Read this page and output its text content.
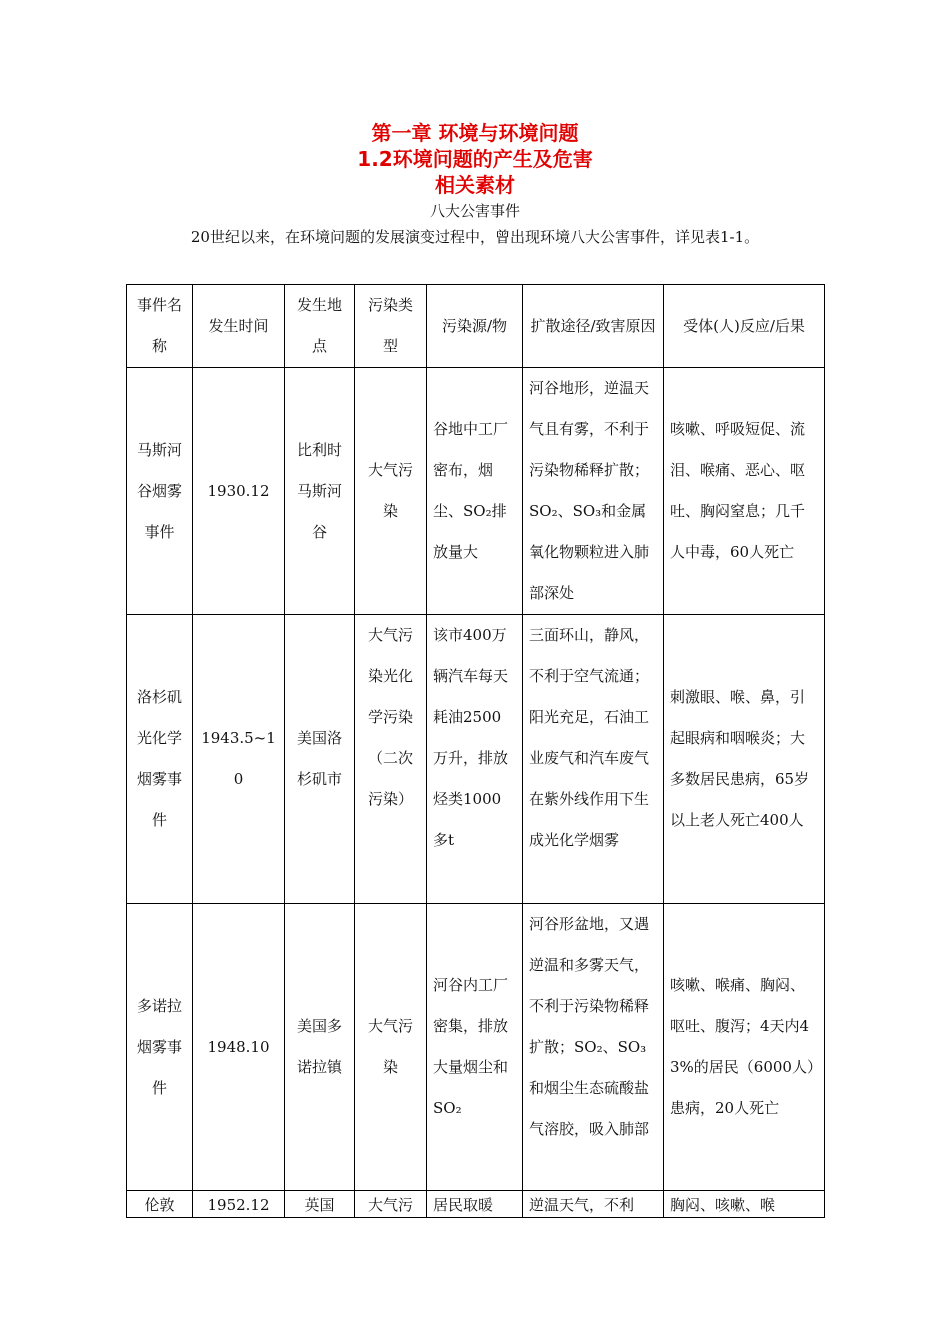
第一章 环境与环境问题
1.2环境问题的产生及危害
相关素材
八大公害事件
20世纪以来，在环境问题的发展演变过程中，曾出现环境八大公害事件，详见表1-1。
事件名称	发生时间	发生地点	污染类型	污染源/物	扩散途径/致害原因	受体(人)反应/后果
马斯河谷烟雾事件	1930.12	比利时马斯河谷	大气污染	谷地中工厂密布，烟尘、SO₂排放量大	河谷地形，逆温天气且有雾，不利于污染物稀释扩散；SO₂、SO₃和金属氧化物颗粒进入肺部深处	咳嗽、呼吸短促、流泪、喉痛、恶心、呕吐、胸闷窒息；几千人中毒，60人死亡
洛杉矶光化学烟雾事件	1943.5~10	美国洛杉矶市	大气污染光化学污染（二次污染）	该市400万辆汽车每天耗油2500万升，排放烃类1000多t	三面环山，静风，不利于空气流通；阳光充足，石油工业废气和汽车废气在紫外线作用下生成光化学烟雾	刺激眼、喉、鼻，引起眼病和咽喉炎；大多数居民患病，65岁以上老人死亡400人
多诺拉烟雾事件	1948.10	美国多诺拉镇	大气污染	河谷内工厂密集，排放大量烟尘和SO₂	河谷形盆地，又遇逆温和多雾天气，不利于污染物稀释扩散；SO₂、SO₃和烟尘生态硫酸盐气溶胶，吸入肺部	咳嗽、喉痛、胸闷、呕吐、腹泻；4天内43%的居民（6000人）患病，20人死亡
伦敦	1952.12	英国	大气污	居民取暖	逆温天气，不利	胸闷、咳嗽、喉
